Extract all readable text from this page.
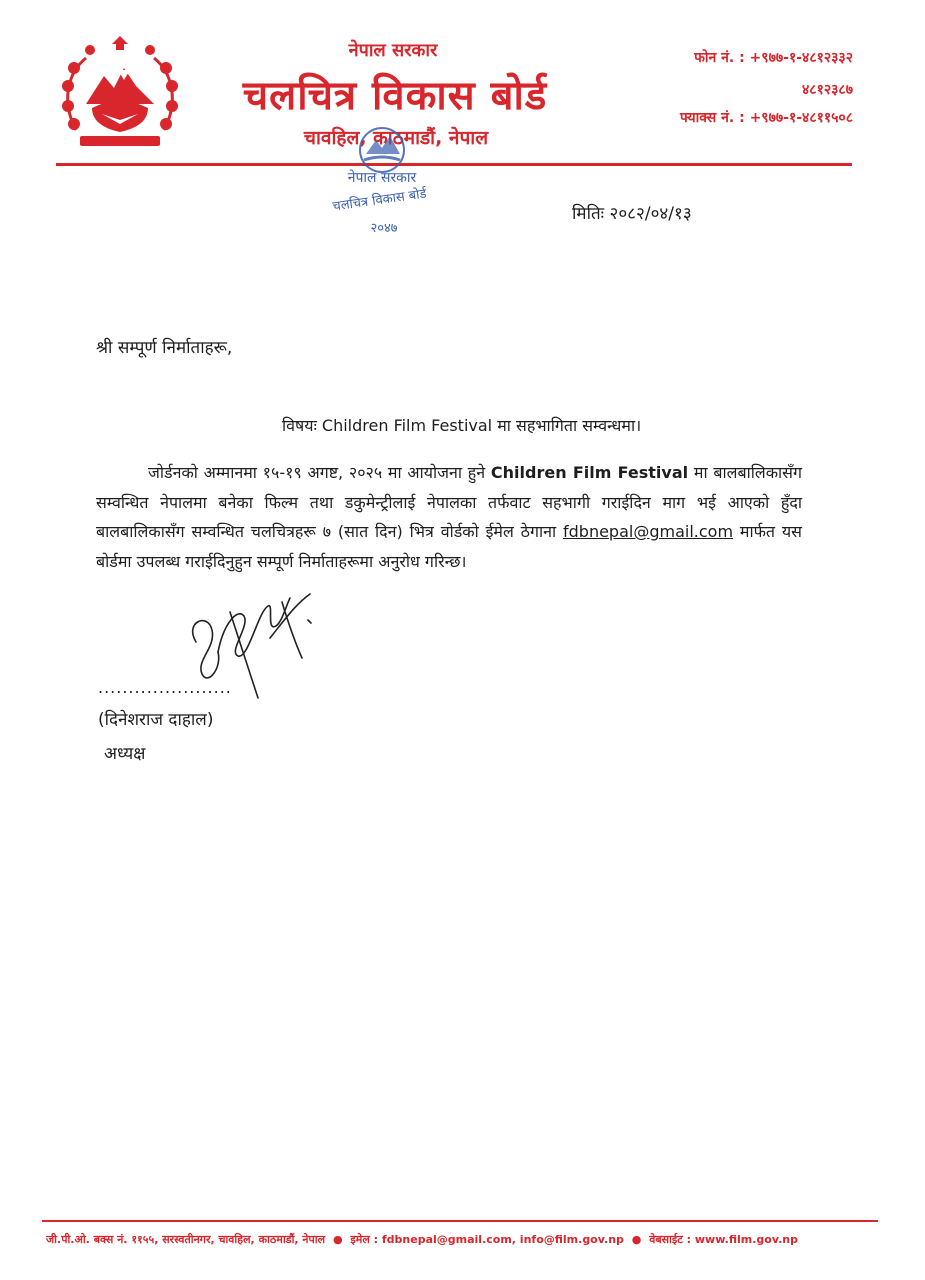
नेपाल सरकार
चलचित्र विकास बोर्ड
चावहिल, काठमाडौं, नेपाल
फोन नं. : +९७७-१-४८१२३३२
४८१२३८७
फ्याक्स नं. : +९७७-१-४८११५०८
नेपाल सरकार
चलचित्र विकास बोर्ड
२०४७
मितिः २०८२/०४/१३
श्री सम्पूर्ण निर्माताहरू,
विषयः Children Film Festival मा सहभागिता सम्वन्धमा।

जोर्डनको अम्मानमा १५-१९ अगष्ट, २०२५ मा आयोजना हुने Children Film Festival मा बालबालिकासँग सम्वन्धित नेपालमा बनेका फिल्म तथा डकुमेन्ट्रीलाई नेपालका तर्फवाट सहभागी गराईदिन माग भई आएको हुँदा बालबालिकासँग सम्वन्धित चलचित्रहरू ७ (सात दिन) भित्र वोर्डको ईमेल ठेगाना fdbnepal@gmail.com मार्फत यस बोर्डमा उपलब्ध गराईदिनुहुन सम्पूर्ण निर्माताहरूमा अनुरोध गरिन्छ।

......................
(दिनेशराज दाहाल)
अध्यक्ष
जी.पी.ओ. बक्स नं. ११५५, सरस्वतीनगर, चावहिल, काठमाडौं, नेपाल ● इमेल : fdbnepal@gmail.com, info@film.gov.np ● वेबसाईट : www.film.gov.np
